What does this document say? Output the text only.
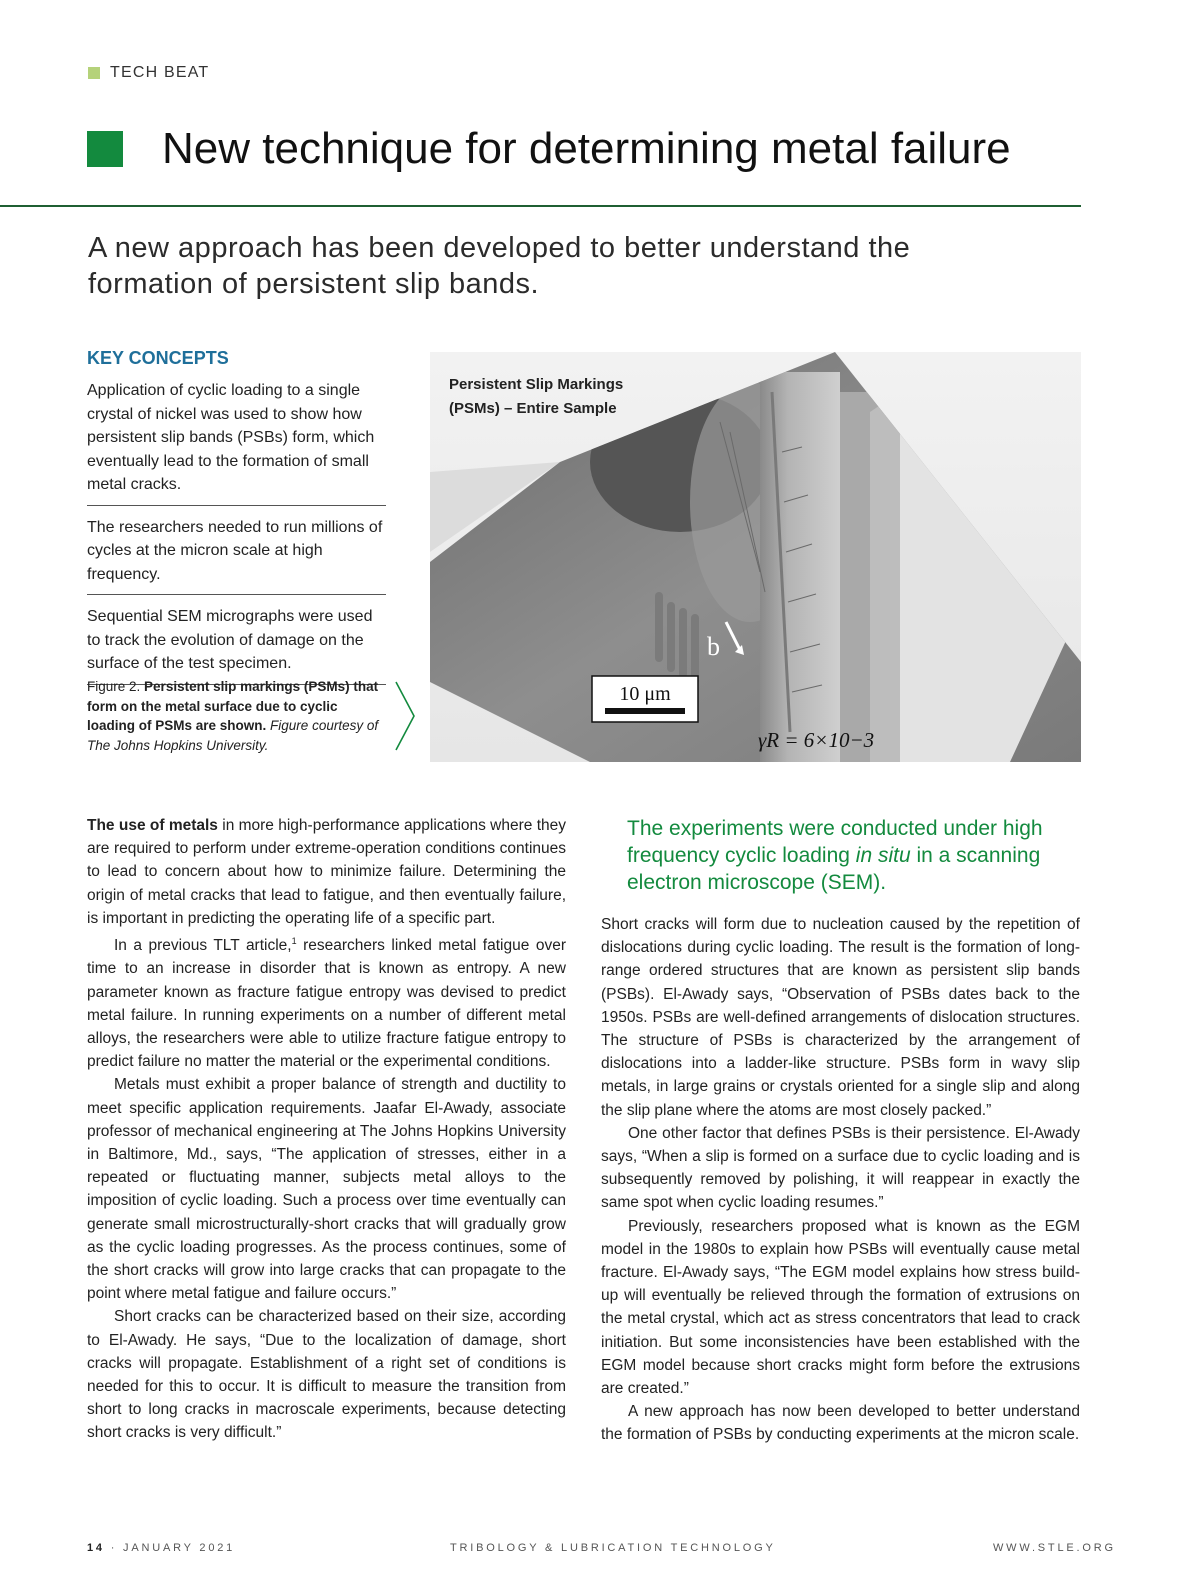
TECH BEAT
New technique for determining metal failure
A new approach has been developed to better understand the formation of persistent slip bands.
KEY CONCEPTS
Application of cyclic loading to a single crystal of nickel was used to show how persistent slip bands (PSBs) form, which eventually lead to the formation of small metal cracks.
The researchers needed to run millions of cycles at the micron scale at high frequency.
Sequential SEM micrographs were used to track the evolution of damage on the surface of the test specimen.
Figure 2. Persistent slip markings (PSMs) that form on the metal surface due to cyclic loading of PSMs are shown. Figure courtesy of The Johns Hopkins University.
b
10 μm
γR = 6×10−3
Persistent Slip Markings
(PSMs) – Entire Sample

The use of metals in more high-performance applications where they are required to perform under extreme-operation conditions continues to lead to concern about how to minimize failure. Determining the origin of metal cracks that lead to fatigue, and then eventually failure, is important in predicting the operating life of a specific part.

In a previous TLT article,$^1$ researchers linked metal fatigue over time to an increase in disorder that is known as entropy. A new parameter known as fracture fatigue entropy was devised to predict metal failure. In running experiments on a number of different metal alloys, the researchers were able to utilize fracture fatigue entropy to predict failure no matter the material or the experimental conditions.

Metals must exhibit a proper balance of strength and ductility to meet specific application requirements. Jaafar El-Awady, associate professor of mechanical engineering at The Johns Hopkins University in Baltimore, Md., says, “The application of stresses, either in a repeated or fluctuating manner, subjects metal alloys to the imposition of cyclic loading. Such a process over time eventually can generate small microstructurally-short cracks that will gradually grow as the cyclic loading progresses. As the process continues, some of the short cracks will grow into large cracks that can propagate to the point where metal fatigue and failure occurs.”

Short cracks can be characterized based on their size, according to El-Awady. He says, “Due to the localization of damage, short cracks will propagate. Establishment of a right set of conditions is needed for this to occur. It is difficult to measure the transition from short to long cracks in macroscale experiments, because detecting short cracks is very difficult.”

The experiments were conducted under high frequency cyclic loading in situ in a scanning electron microscope (SEM).

Short cracks will form due to nucleation caused by the repetition of dislocations during cyclic loading. The result is the formation of long-range ordered structures that are known as persistent slip bands (PSBs). El-Awady says, “Observation of PSBs dates back to the 1950s. PSBs are well-defined arrangements of dislocation structures. The structure of PSBs is characterized by the arrangement of dislocations into a ladder-like structure. PSBs form in wavy slip metals, in large grains or crystals oriented for a single slip and along the slip plane where the atoms are most closely packed.”

One other factor that defines PSBs is their persistence. El-Awady says, “When a slip is formed on a surface due to cyclic loading and is subsequently removed by polishing, it will reappear in exactly the same spot when cyclic loading resumes.”

Previously, researchers proposed what is known as the EGM model in the 1980s to explain how PSBs will eventually cause metal fracture. El-Awady says, “The EGM model explains how stress build-up will eventually be relieved through the formation of extrusions on the metal crystal, which act as stress concentrators that lead to crack initiation. But some inconsistencies have been established with the EGM model because short cracks might form before the extrusions are created.”

A new approach has now been developed to better understand the formation of PSBs by conducting experiments at the micron scale.

14 · JANUARY 2021	TRIBOLOGY & LUBRICATION TECHNOLOGY	WWW.STLE.ORG
